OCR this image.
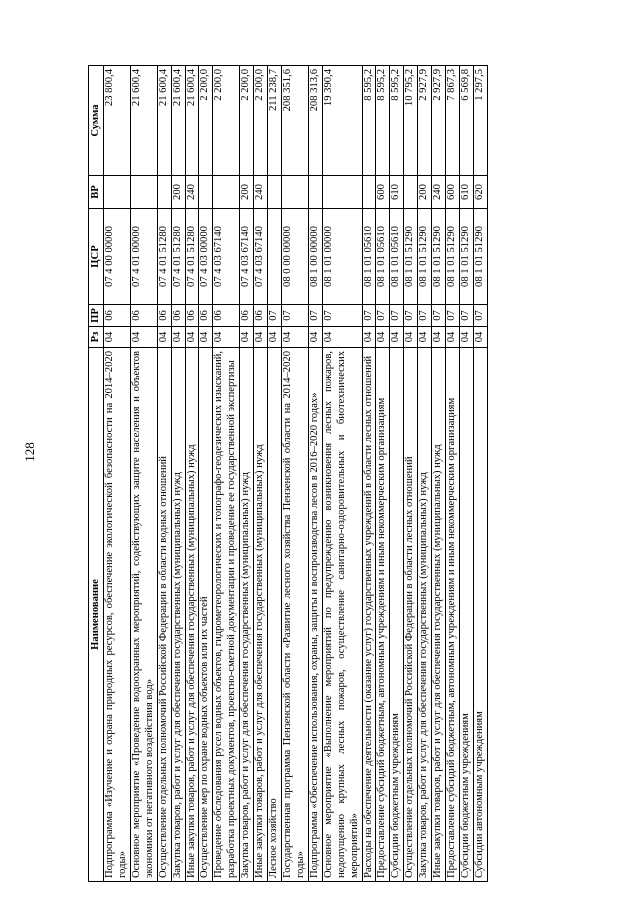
128
Наименование	Рз	ПР	ЦСР	ВР	Сумма
Подпрограмма «Изучение и охрана природных ресурсов, обеспечение экологической безопасности на 2014–2020 годы»	04	06	07 4 00 00000		23 800,4
Основное мероприятие «Проведение водоохранных мероприятий, содействующих защите населения и объектов экономики от негативного воздействия вод»	04	06	07 4 01 00000		21 600,4
Осуществление отдельных полномочий Российской Федерации в области водных отношений	04	06	07 4 01 51280		21 600,4
Закупка товаров, работ и услуг для обеспечения государственных (муниципальных) нужд	04	06	07 4 01 51280	200	21 600,4
Иные закупки товаров, работ и услуг для обеспечения государственных (муниципальных) нужд	04	06	07 4 01 51280	240	21 600,4
Осуществление мер по охране водных объектов или их частей	04	06	07 4 03 00000		2 200,0
Проведение обследования русел водных объектов, гидрометеорологических и топографо-геодезических изысканий, разработка проектных документов, проектно-сметной документации и проведение ее государственной экспертизы	04	06	07 4 03 67140		2 200,0
Закупка товаров, работ и услуг для обеспечения государственных (муниципальных) нужд	04	06	07 4 03 67140	200	2 200,0
Иные закупки товаров, работ и услуг для обеспечения государственных (муниципальных) нужд	04	06	07 4 03 67140	240	2 200,0
Лесное хозяйство	04	07			211 238,7
Государственная программа Пензенской области «Развитие лесного хозяйства Пензенской области на 2014–2020 годы»	04	07	08 0 00 00000		208 351,6
Подпрограмма «Обеспечение использования, охраны, защиты и воспроизводства лесов в 2016–2020 годах»	04	07	08 1 00 00000		208 313,6
Основное мероприятие «Выполнение мероприятий по предупреждению возникновения лесных пожаров, недопущению крупных лесных пожаров, осуществление санитарно-оздоровительных и биотехнических мероприятий»	04	07	08 1 01 00000		19 390,4
Расходы на обеспечение деятельности (оказание услуг) государственных учреждений в области лесных отношений	04	07	08 1 01 05610		8 595,2
Предоставление субсидий бюджетным, автономным учреждениям и иным некоммерческим организациям	04	07	08 1 01 05610	600	8 595,2
Субсидии бюджетным учреждениям	04	07	08 1 01 05610	610	8 595,2
Осуществление отдельных полномочий Российской Федерации в области лесных отношений	04	07	08 1 01 51290		10 795,2
Закупка товаров, работ и услуг для обеспечения государственных (муниципальных) нужд	04	07	08 1 01 51290	200	2 927,9
Иные закупки товаров, работ и услуг для обеспечения государственных (муниципальных) нужд	04	07	08 1 01 51290	240	2 927,9
Предоставление субсидий бюджетным, автономным учреждениям и иным некоммерческим организациям	04	07	08 1 01 51290	600	7 867,3
Субсидии бюджетным учреждениям	04	07	08 1 01 51290	610	6 569,8
Субсидии автономным учреждениям	04	07	08 1 01 51290	620	1 297,5
